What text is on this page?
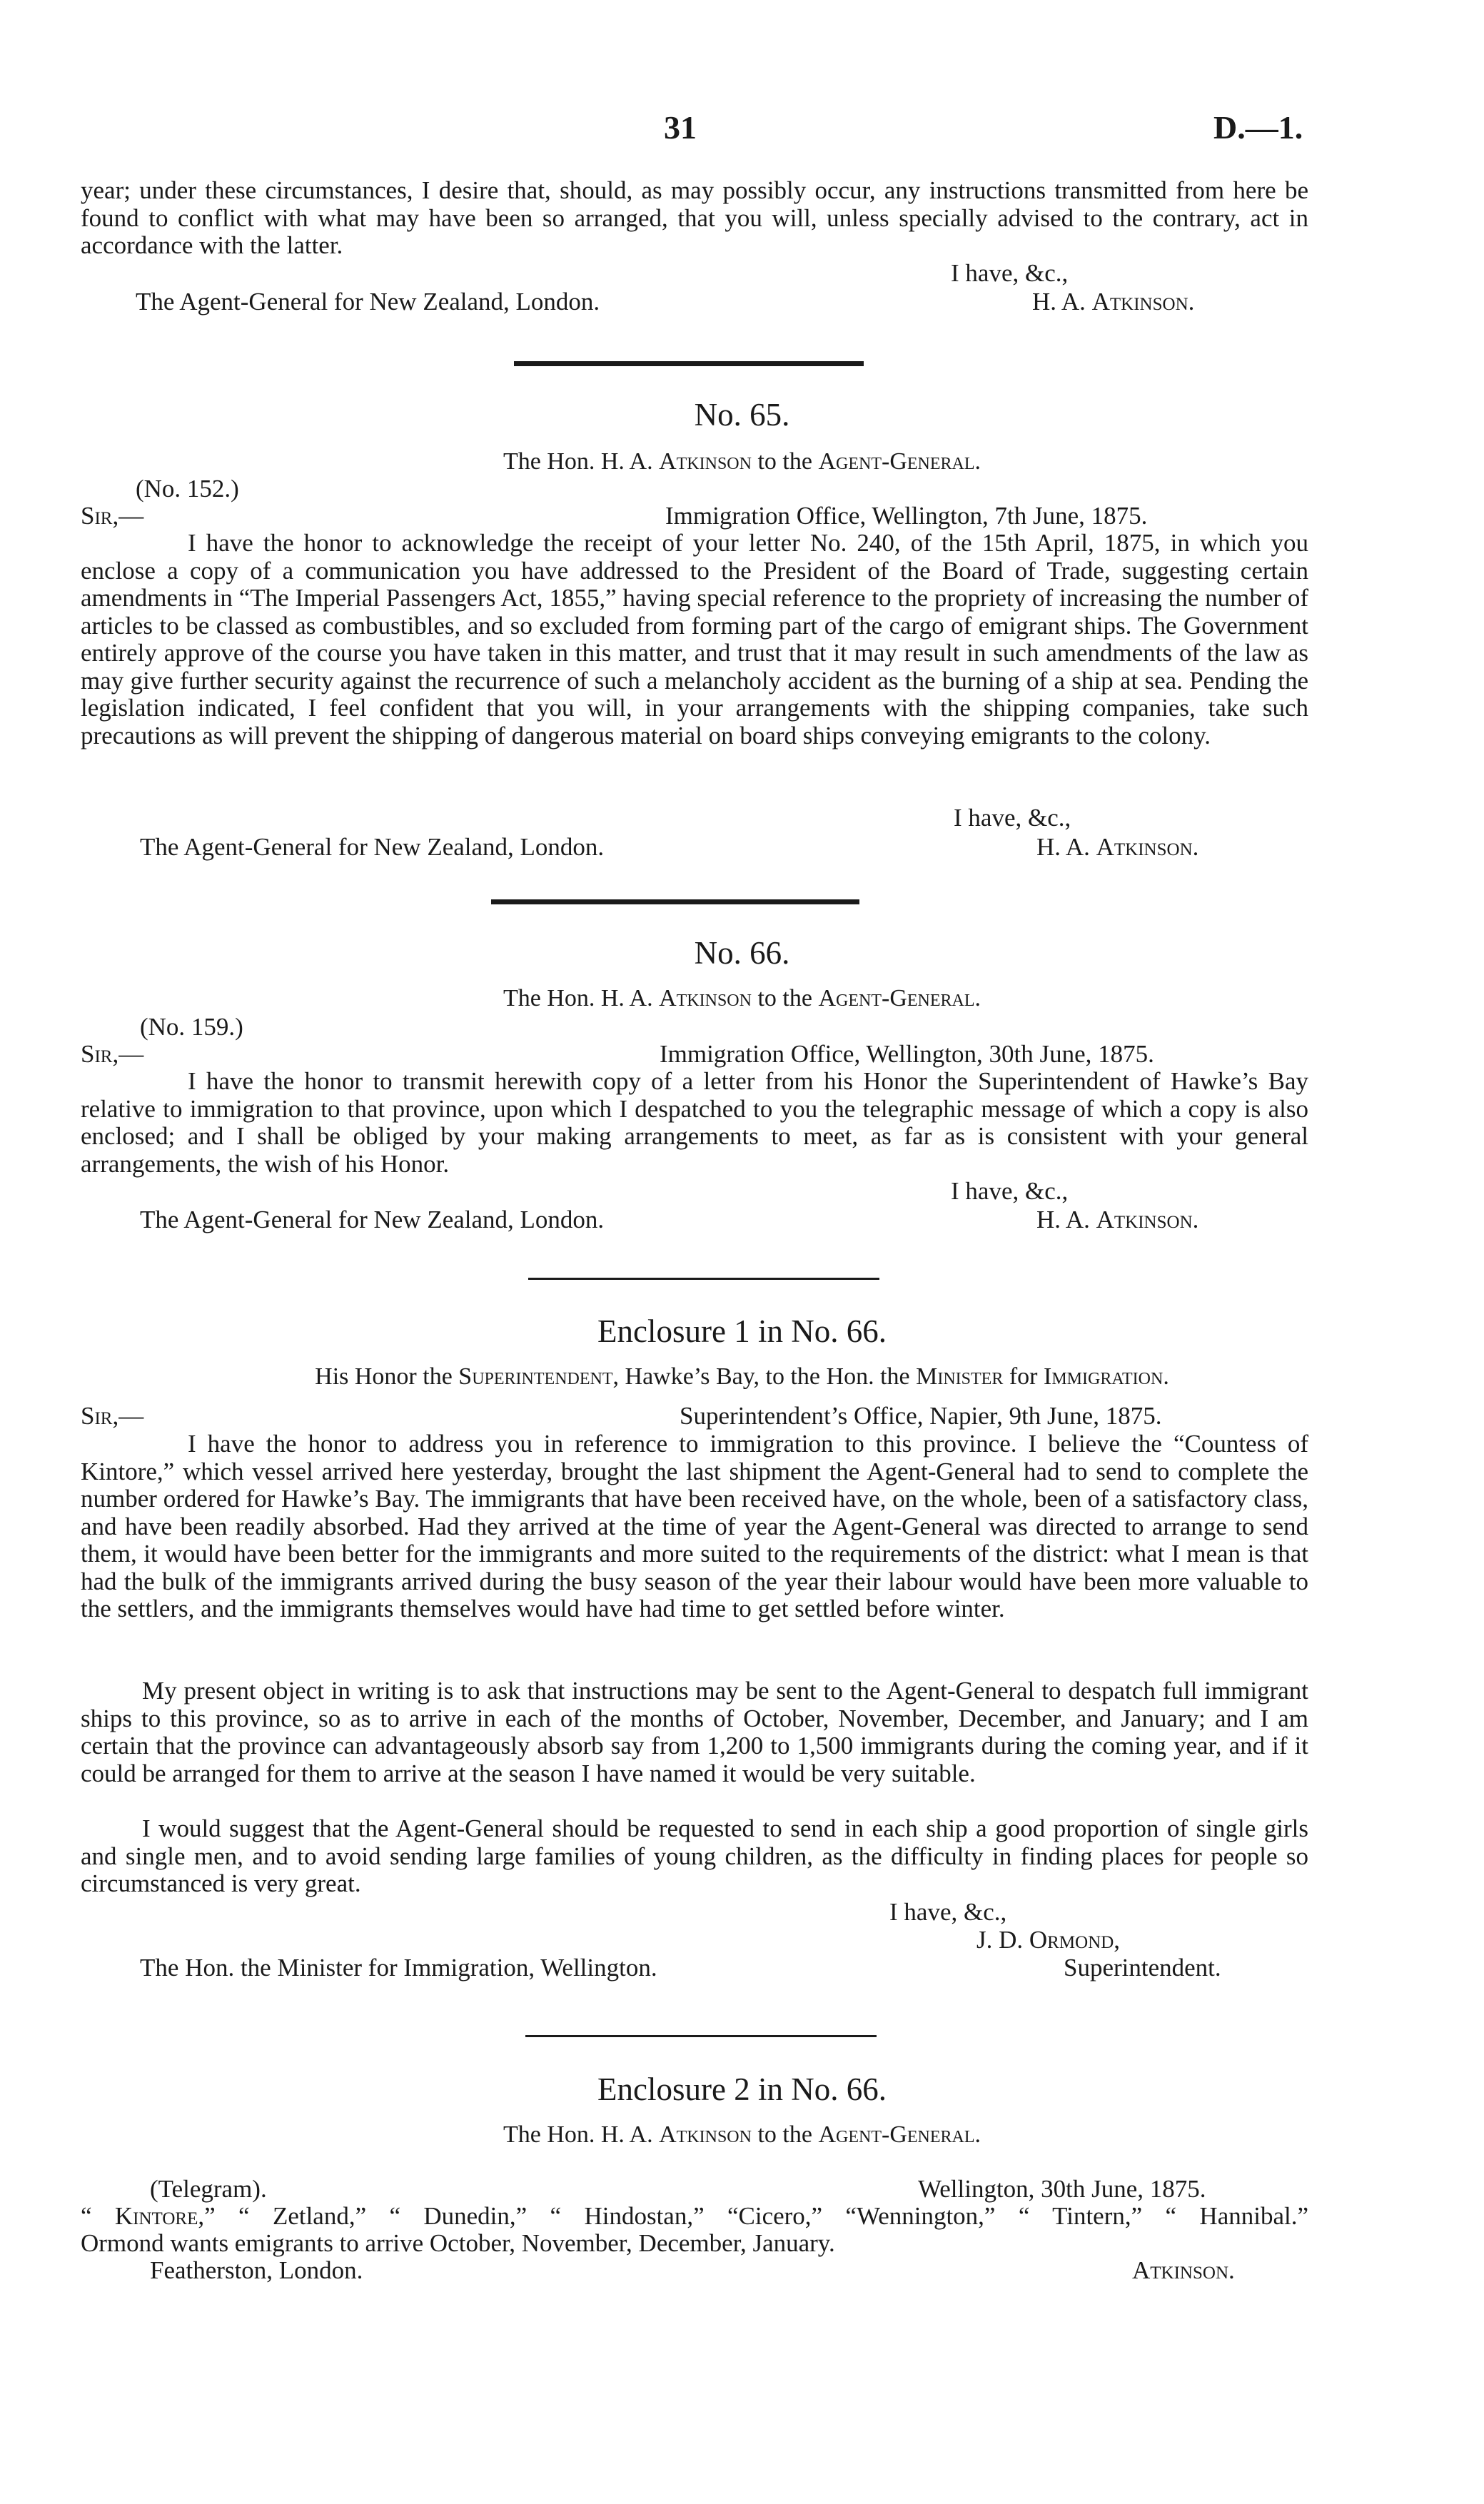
31	D.—1.
year; under these circumstances, I desire that, should, as may possibly occur, any instructions transmitted from here be found to conflict with what may have been so arranged, that you will, unless specially advised to the contrary, act in accordance with the latter.
I have, &c.,
The Agent-General for New Zealand, London.	H. A. Atkinson.
No. 65.
The Hon. H. A. Atkinson to the Agent-General.
(No. 152.)
Sir,—	Immigration Office, Wellington, 7th June, 1875.
I have the honor to acknowledge the receipt of your letter No. 240, of the 15th April, 1875, in which you enclose a copy of a communication you have addressed to the President of the Board of Trade, suggesting certain amendments in “The Imperial Passengers Act, 1855,” having special reference to the propriety of increasing the number of articles to be classed as combustibles, and so excluded from forming part of the cargo of emigrant ships. The Government entirely approve of the course you have taken in this matter, and trust that it may result in such amendments of the law as may give further security against the recurrence of such a melancholy accident as the burning of a ship at sea. Pending the legislation indicated, I feel confident that you will, in your arrangements with the shipping companies, take such precautions as will prevent the shipping of dangerous material on board ships conveying emigrants to the colony.
I have, &c.,
The Agent-General for New Zealand, London.	H. A. Atkinson.
No. 66.
The Hon. H. A. Atkinson to the Agent-General.
(No. 159.)
Sir,—	Immigration Office, Wellington, 30th June, 1875.
I have the honor to transmit herewith copy of a letter from his Honor the Superintendent of Hawke’s Bay relative to immigration to that province, upon which I despatched to you the telegraphic message of which a copy is also enclosed; and I shall be obliged by your making arrangements to meet, as far as is consistent with your general arrangements, the wish of his Honor.
I have, &c.,
The Agent-General for New Zealand, London.	H. A. Atkinson.
Enclosure 1 in No. 66.
His Honor the Superintendent, Hawke’s Bay, to the Hon. the Minister for Immigration.
Sir,—	Superintendent’s Office, Napier, 9th June, 1875.
I have the honor to address you in reference to immigration to this province. I believe the “Countess of Kintore,” which vessel arrived here yesterday, brought the last shipment the Agent-General had to send to complete the number ordered for Hawke’s Bay. The immigrants that have been received have, on the whole, been of a satisfactory class, and have been readily absorbed. Had they arrived at the time of year the Agent-General was directed to arrange to send them, it would have been better for the immigrants and more suited to the requirements of the district: what I mean is that had the bulk of the immigrants arrived during the busy season of the year their labour would have been more valuable to the settlers, and the immigrants themselves would have had time to get settled before winter.
My present object in writing is to ask that instructions may be sent to the Agent-General to despatch full immigrant ships to this province, so as to arrive in each of the months of October, November, December, and January; and I am certain that the province can advantageously absorb say from 1,200 to 1,500 immigrants during the coming year, and if it could be arranged for them to arrive at the season I have named it would be very suitable.
I would suggest that the Agent-General should be requested to send in each ship a good proportion of single girls and single men, and to avoid sending large families of young children, as the difficulty in finding places for people so circumstanced is very great.
I have, &c.,
J. D. Ormond,
The Hon. the Minister for Immigration, Wellington.	Superintendent.
Enclosure 2 in No. 66.
The Hon. H. A. Atkinson to the Agent-General.
(Telegram).	Wellington, 30th June, 1875.
“ Kintore,” “ Zetland,” “ Dunedin,” “ Hindostan,” “Cicero,” “Wennington,” “ Tintern,” “ Hannibal.”
Ormond wants emigrants to arrive October, November, December, January.
Featherston, London.	Atkinson.
